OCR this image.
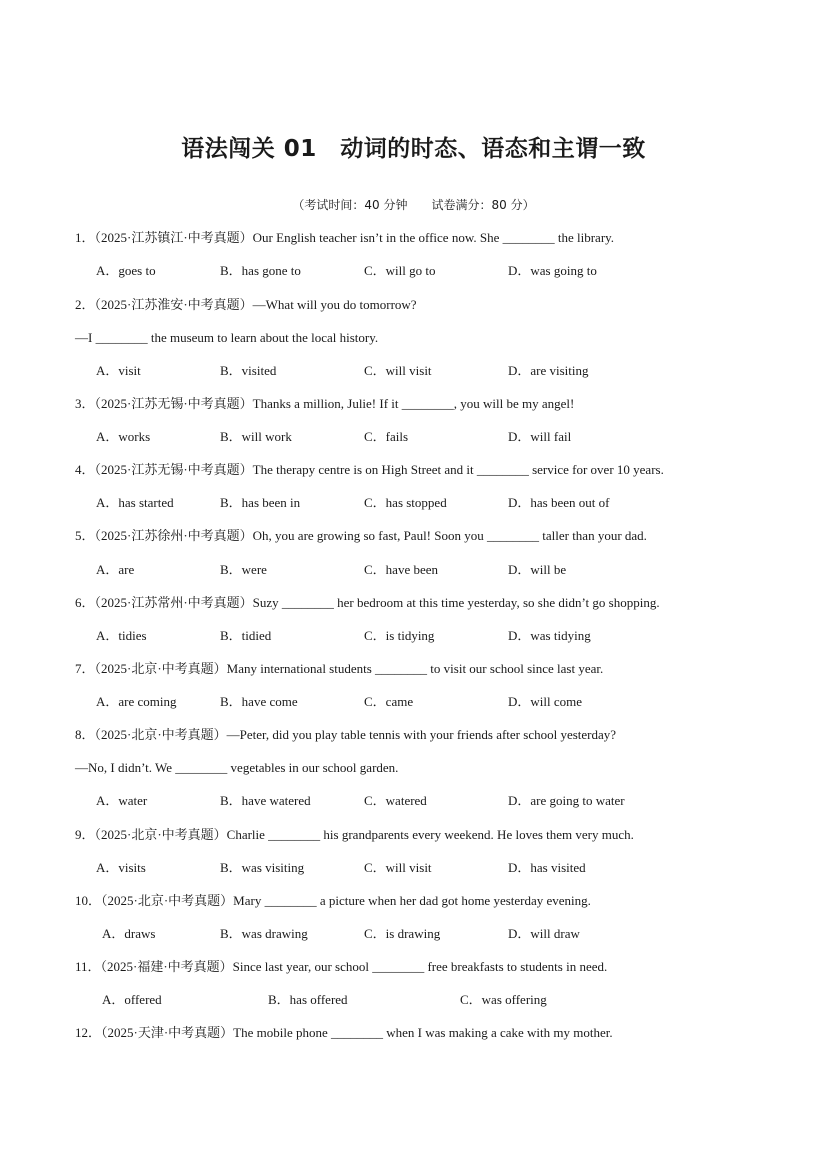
语法闯关 01　动词的时态、语态和主谓一致
（考试时间：40 分钟　　试卷满分：80 分）
1．（2025·江苏镇江·中考真题）Our English teacher isn’t in the office now. She ________ the library.
A．goes to	B．has gone to	C．will go to	D．was going to
2．（2025·江苏淮安·中考真题）—What will you do tomorrow?
—I ________ the museum to learn about the local history.
A．visit	B．visited	C．will visit	D．are visiting
3．（2025·江苏无锡·中考真题）Thanks a million, Julie! If it ________, you will be my angel!
A．works	B．will work	C．fails	D．will fail
4．（2025·江苏无锡·中考真题）The therapy centre is on High Street and it ________ service for over 10 years.
A．has started	B．has been in	C．has stopped	D．has been out of
5．（2025·江苏徐州·中考真题）Oh, you are growing so fast, Paul! Soon you ________ taller than your dad.
A．are	B．were	C．have been	D．will be
6．（2025·江苏常州·中考真题）Suzy ________ her bedroom at this time yesterday, so she didn’t go shopping.
A．tidies	B．tidied	C．is tidying	D．was tidying
7．（2025·北京·中考真题）Many international students ________ to visit our school since last year.
A．are coming	B．have come	C．came	D．will come
8．（2025·北京·中考真题）—Peter, did you play table tennis with your friends after school yesterday?
—No, I didn’t. We ________ vegetables in our school garden.
A．water	B．have watered	C．watered	D．are going to water
9．（2025·北京·中考真题）Charlie ________ his grandparents every weekend. He loves them very much.
A．visits	B．was visiting	C．will visit	D．has visited
10．（2025·北京·中考真题）Mary ________ a picture when her dad got home yesterday evening.
A．draws	B．was drawing	C．is drawing	D．will draw
11．（2025·福建·中考真题）Since last year, our school ________ free breakfasts to students in need.
A．offered	B．has offered	C．was offering
12．（2025·天津·中考真题）The mobile phone ________ when I was making a cake with my mother.
